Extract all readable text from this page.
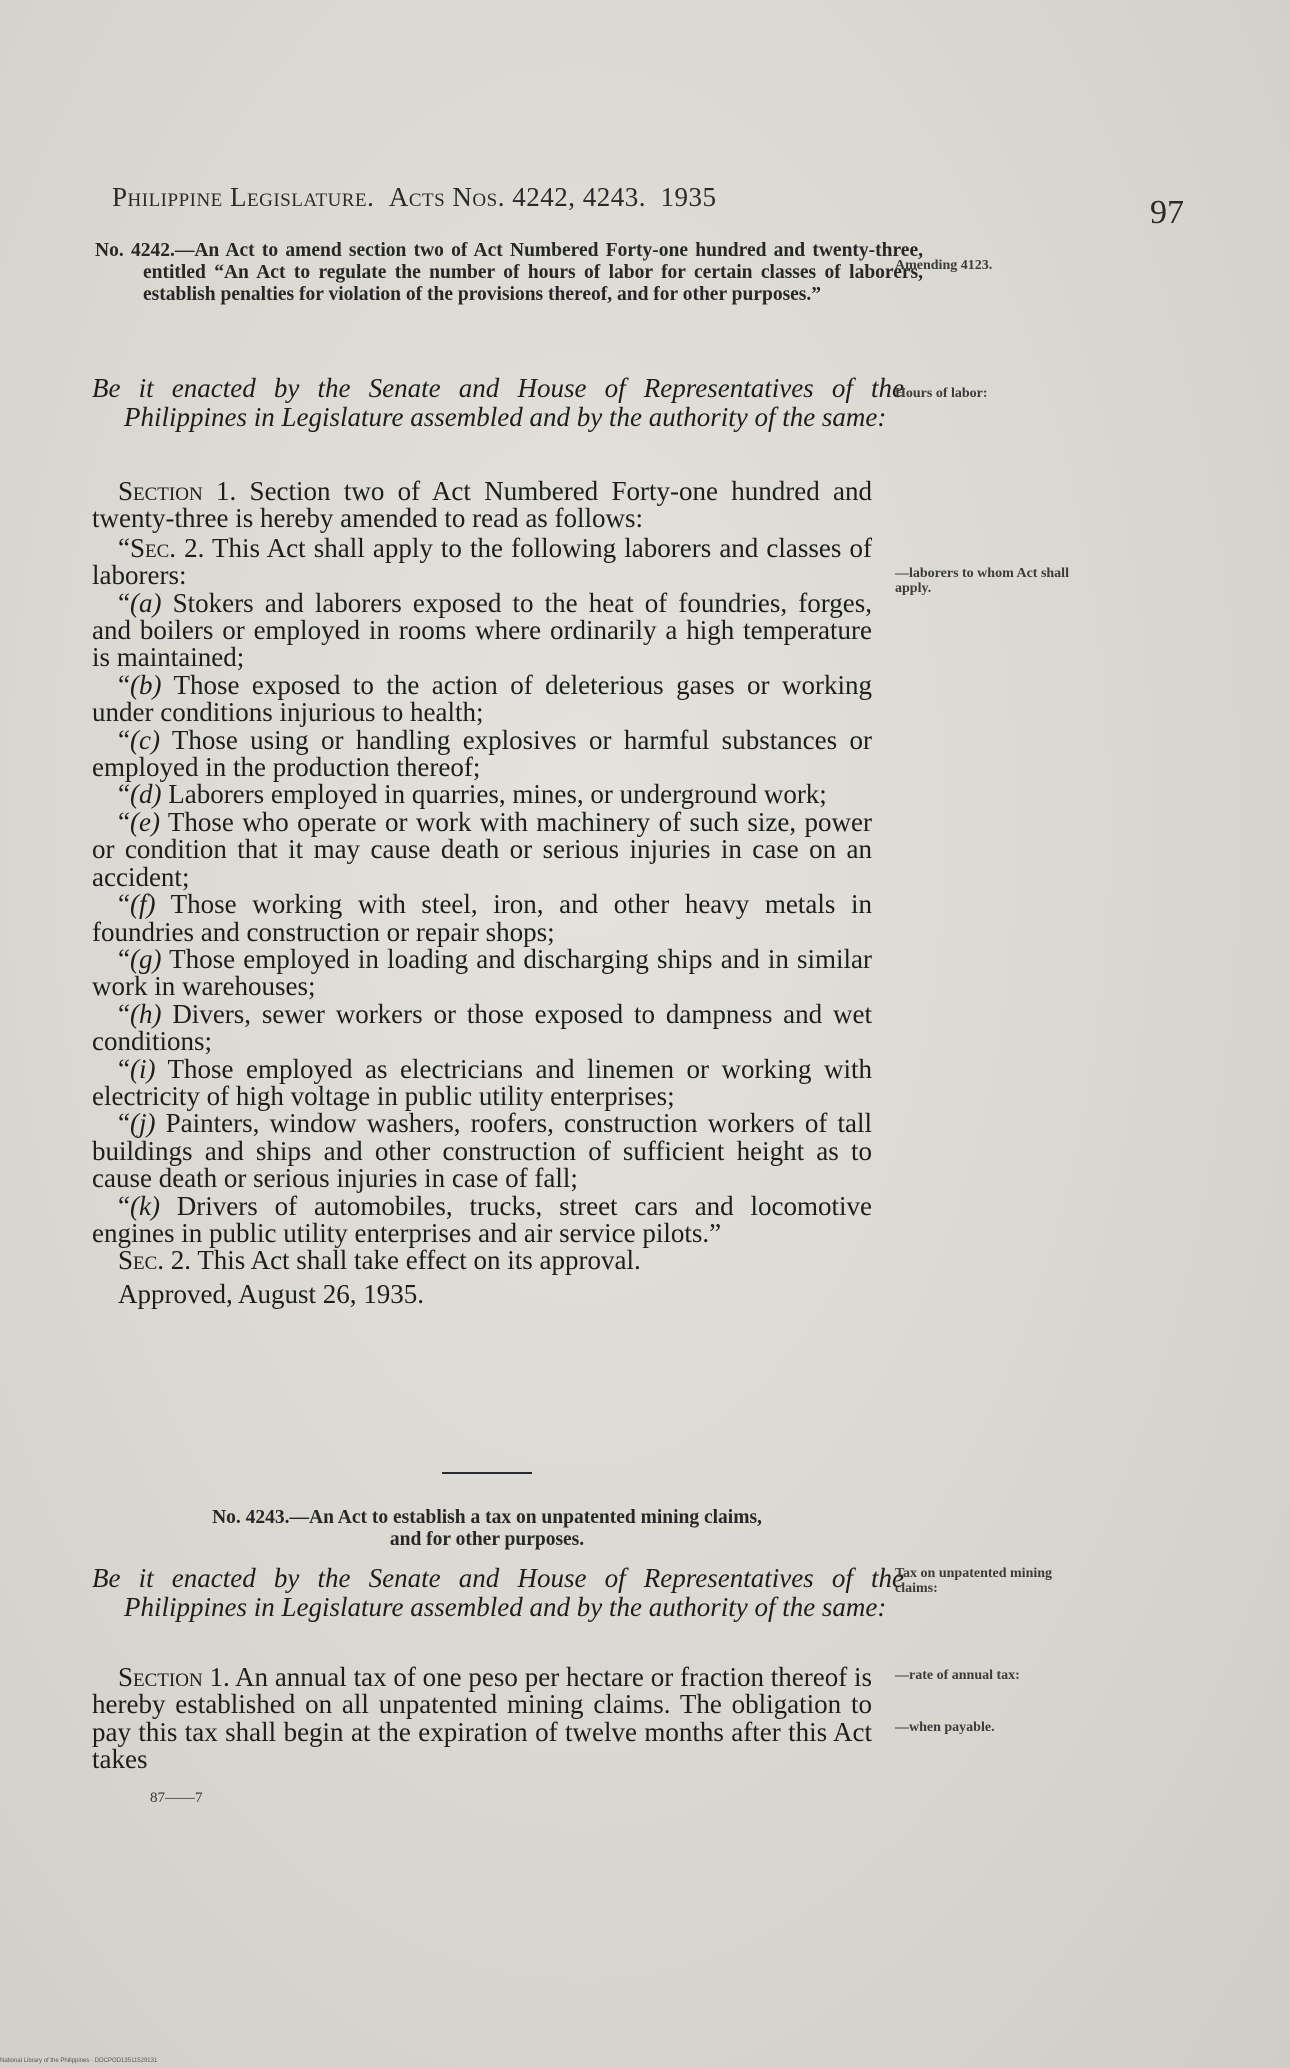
Philippine Legislature. Acts Nos. 4242, 4243. 1935	97
No. 4242.—An Act to amend section two of Act Numbered Forty-one hundred and twenty-three, entitled “An Act to regulate the number of hours of labor for certain classes of laborers, establish penalties for violation of the provisions thereof, and for other purposes.”
Amending 4123.
Be it enacted by the Senate and House of Representatives of the Philippines in Legislature assembled and by the authority of the same:
Hours of labor:

Section 1. Section two of Act Numbered Forty-one hundred and twenty-three is hereby amended to read as follows:

“Sec. 2. This Act shall apply to the following laborers and classes of laborers:

“(a) Stokers and laborers exposed to the heat of foundries, forges, and boilers or employed in rooms where ordinarily a high temperature is maintained;

“(b) Those exposed to the action of deleterious gases or working under conditions injurious to health;

“(c) Those using or handling explosives or harmful substances or employed in the production thereof;

“(d) Laborers employed in quarries, mines, or underground work;

“(e) Those who operate or work with machinery of such size, power or condition that it may cause death or serious injuries in case on an accident;

“(f) Those working with steel, iron, and other heavy metals in foundries and construction or repair shops;

“(g) Those employed in loading and discharging ships and in similar work in warehouses;

“(h) Divers, sewer workers or those exposed to dampness and wet conditions;

“(i) Those employed as electricians and linemen or working with electricity of high voltage in public utility enterprises;

“(j) Painters, window washers, roofers, construction workers of tall buildings and ships and other construction of sufficient height as to cause death or serious injuries in case of fall;

“(k) Drivers of automobiles, trucks, street cars and locomotive engines in public utility enterprises and air service pilots.”

Sec. 2. This Act shall take effect on its approval.

Approved, August 26, 1935.

—laborers to whom Act shall apply.
No. 4243.—An Act to establish a tax on unpatented mining claims,
and for other purposes.
Be it enacted by the Senate and House of Representatives of the Philippines in Legislature assembled and by the authority of the same:
Tax on unpatented mining claims:

Section 1. An annual tax of one peso per hectare or fraction thereof is hereby established on all unpatented mining claims. The obligation to pay this tax shall begin at the expiration of twelve months after this Act takes

—rate of annual tax:
—when payable.
87——7
National Library of the Philippines · DOCPOD13511529131
